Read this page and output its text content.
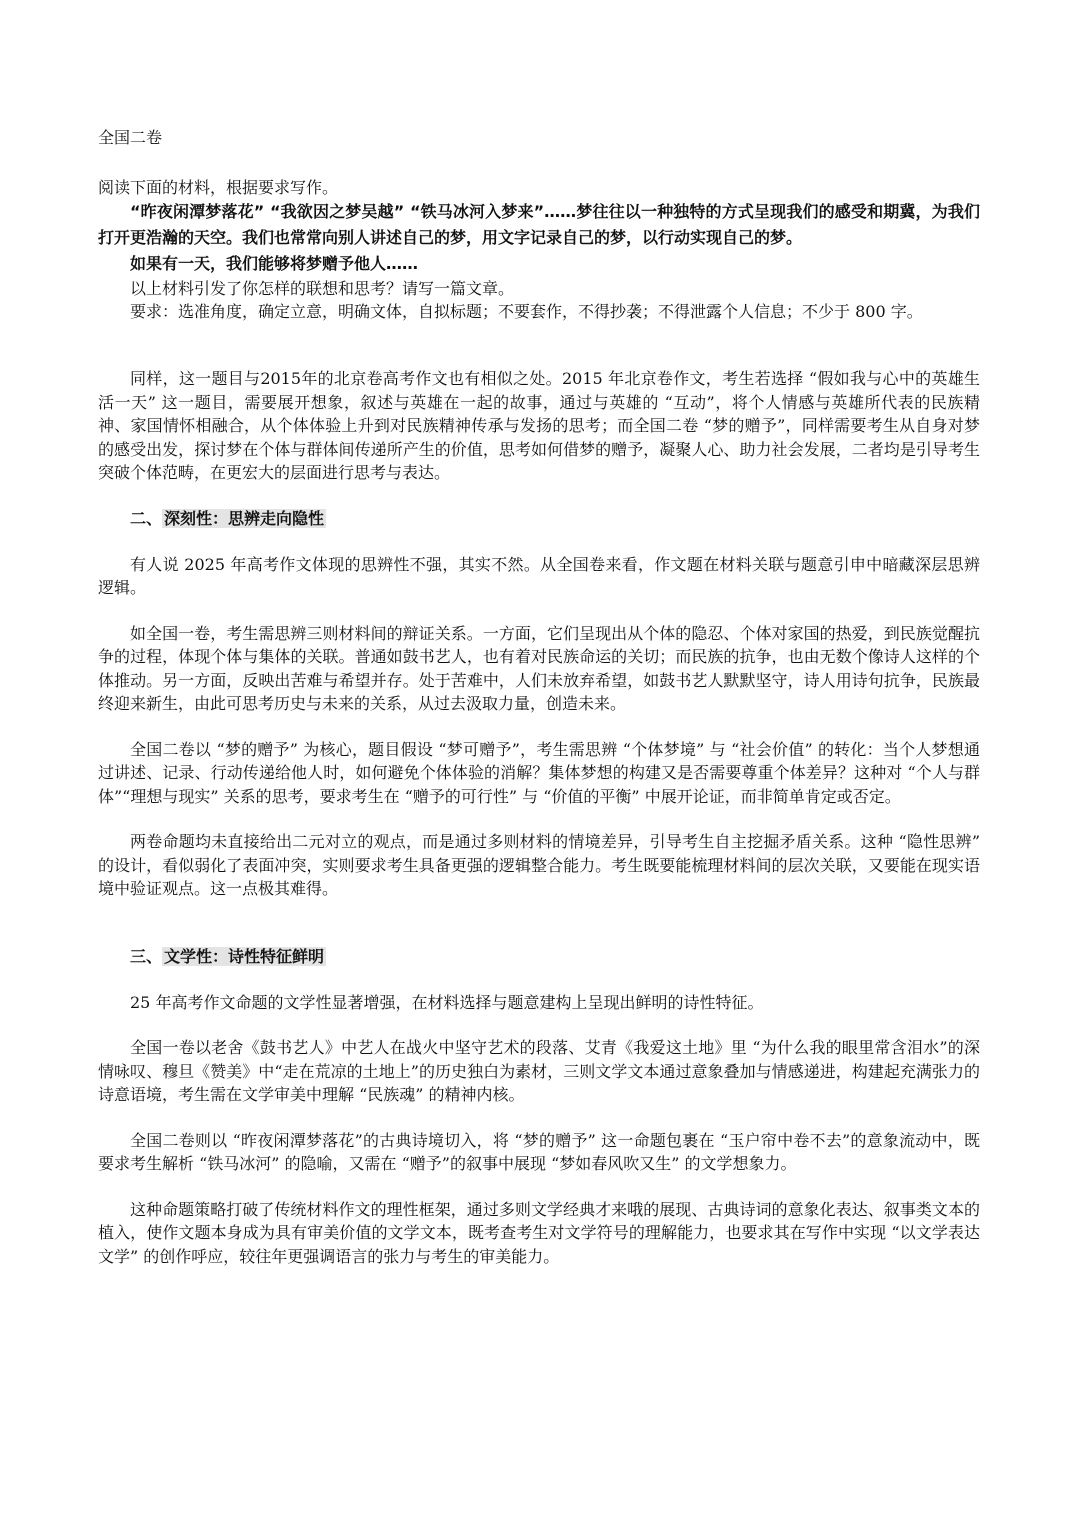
全国二卷

阅读下面的材料，根据要求写作。

“昨夜闲潭梦落花” “我欲因之梦吴越” “铁马冰河入梦来”……梦往往以一种独特的方式呈现我们的感受和期冀，为我们打开更浩瀚的天空。我们也常常向别人讲述自己的梦，用文字记录自己的梦，以行动实现自己的梦。

如果有一天，我们能够将梦赠予他人……

以上材料引发了你怎样的联想和思考？请写一篇文章。

要求：选准角度，确定立意，明确文体，自拟标题；不要套作，不得抄袭；不得泄露个人信息；不少于 800 字。

同样，这一题目与2015年的北京卷高考作文也有相似之处。2015 年北京卷作文，考生若选择 “假如我与心中的英雄生活一天” 这一题目，需要展开想象，叙述与英雄在一起的故事，通过与英雄的 “互动”，将个人情感与英雄所代表的民族精神、家国情怀相融合，从个体体验上升到对民族精神传承与发扬的思考；而全国二卷 “梦的赠予”，同样需要考生从自身对梦的感受出发，探讨梦在个体与群体间传递所产生的价值，思考如何借梦的赠予，凝聚人心、助力社会发展，二者均是引导考生突破个体范畴，在更宏大的层面进行思考与表达。

二、 深刻性：思辨走向隐性

有人说 2025 年高考作文体现的思辨性不强，其实不然。从全国卷来看，作文题在材料关联与题意引申中暗藏深层思辨逻辑。

如全国一卷，考生需思辨三则材料间的辩证关系。一方面，它们呈现出从个体的隐忍、个体对家国的热爱，到民族觉醒抗争的过程，体现个体与集体的关联。普通如鼓书艺人，也有着对民族命运的关切；而民族的抗争，也由无数个像诗人这样的个体推动。另一方面，反映出苦难与希望并存。处于苦难中，人们未放弃希望，如鼓书艺人默默坚守，诗人用诗句抗争，民族最终迎来新生，由此可思考历史与未来的关系，从过去汲取力量，创造未来。

全国二卷以 “梦的赠予” 为核心，题目假设 “梦可赠予”，考生需思辨 “个体梦境” 与 “社会价值” 的转化：当个人梦想通过讲述、记录、行动传递给他人时，如何避免个体体验的消解？集体梦想的构建又是否需要尊重个体差异？这种对 “个人与群体”“理想与现实” 关系的思考，要求考生在 “赠予的可行性” 与 “价值的平衡” 中展开论证，而非简单肯定或否定。

两卷命题均未直接给出二元对立的观点，而是通过多则材料的情境差异，引导考生自主挖掘矛盾关系。这种 “隐性思辨” 的设计，看似弱化了表面冲突，实则要求考生具备更强的逻辑整合能力。考生既要能梳理材料间的层次关联，又要能在现实语境中验证观点。这一点极其难得。

三、 文学性：诗性特征鲜明

25 年高考作文命题的文学性显著增强，在材料选择与题意建构上呈现出鲜明的诗性特征。

全国一卷以老舍《鼓书艺人》中艺人在战火中坚守艺术的段落、艾青《我爱这土地》里 “为什么我的眼里常含泪水”的深情咏叹、穆旦《赞美》中“走在荒凉的土地上”的历史独白为素材，三则文学文本通过意象叠加与情感递进，构建起充满张力的诗意语境，考生需在文学审美中理解 “民族魂” 的精神内核。

全国二卷则以 “昨夜闲潭梦落花”的古典诗境切入，将 “梦的赠予” 这一命题包裹在 “玉户帘中卷不去”的意象流动中，既要求考生解析 “铁马冰河” 的隐喻，又需在 “赠予”的叙事中展现 “梦如春风吹又生” 的文学想象力。

这种命题策略打破了传统材料作文的理性框架，通过多则文学经典才来哦的展现、古典诗词的意象化表达、叙事类文本的植入，使作文题本身成为具有审美价值的文学文本，既考查考生对文学符号的理解能力，也要求其在写作中实现 “以文学表达文学” 的创作呼应，较往年更强调语言的张力与考生的审美能力。
